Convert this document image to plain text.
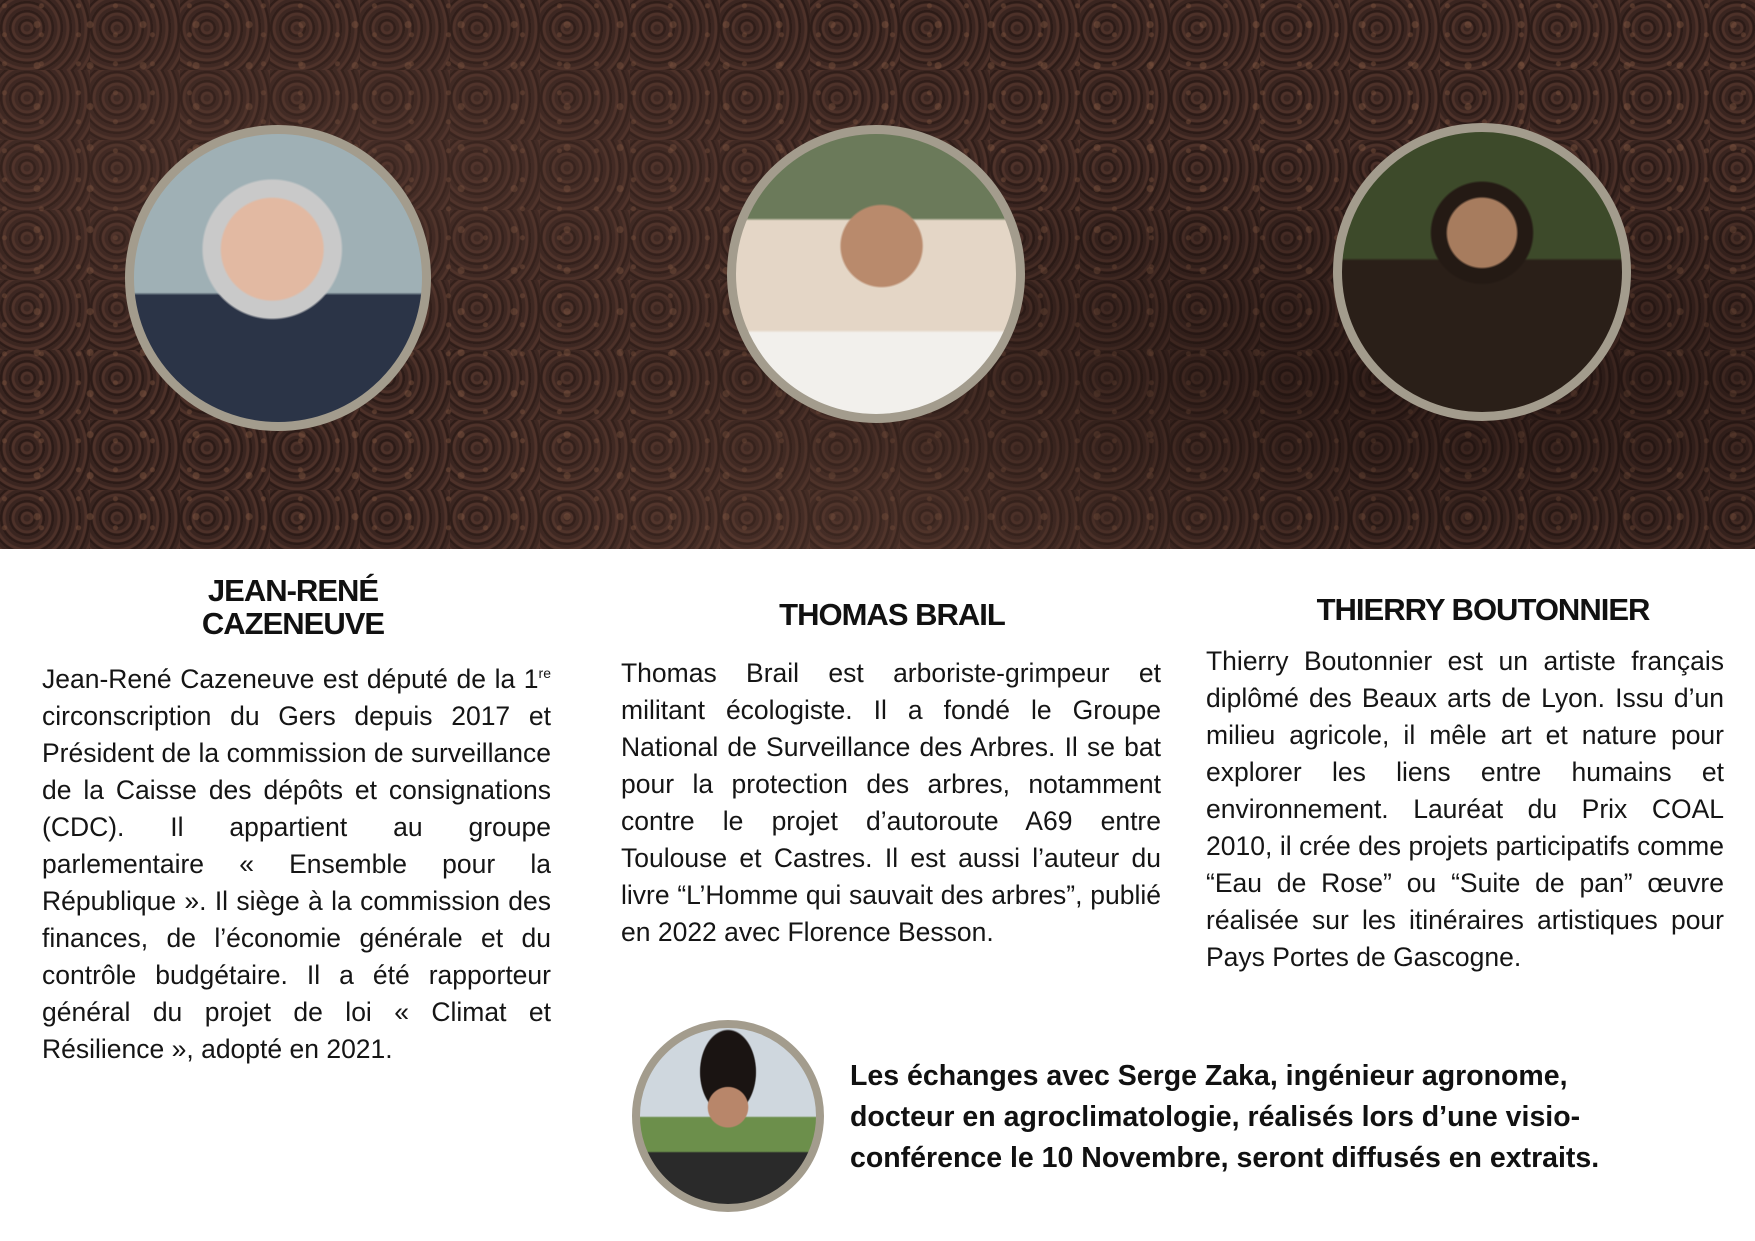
JEAN-RENÉ
CAZENEUVE
Jean-René Cazeneuve est député de la 1re circonscription du Gers depuis 2017 et Président de la commission de surveillance de la Caisse des dépôts et consignations (CDC). Il appartient au groupe parlementaire « Ensemble pour la République ». Il siège à la commission des finances, de l’économie générale et du contrôle budgétaire. Il a été rapporteur général du projet de loi « Climat et Résilience », adopté en 2021.
THOMAS BRAIL
Thomas Brail est arboriste-grimpeur et militant écologiste. Il a fondé le Groupe National de Surveillance des Arbres. Il se bat pour la protection des arbres, notamment contre le projet d’autoroute A69 entre Toulouse et Castres. Il est aussi l’auteur du livre “L’Homme qui sauvait des arbres”, publié en 2022 avec Florence Besson.
THIERRY BOUTONNIER
Thierry Boutonnier est un artiste français diplômé des Beaux arts de Lyon. Issu d’un milieu agricole, il mêle art et nature pour explorer les liens entre humains et environnement. Lauréat du Prix COAL 2010, il crée des projets participatifs comme “Eau de Rose” ou “Suite de pan” œuvre réalisée sur les itinéraires artistiques pour Pays Portes de Gascogne.
Les échanges avec Serge Zaka, ingénieur agronome, docteur en agroclimatologie, réalisés lors d’une visio-conférence le 10 Novembre, seront diffusés en extraits.
